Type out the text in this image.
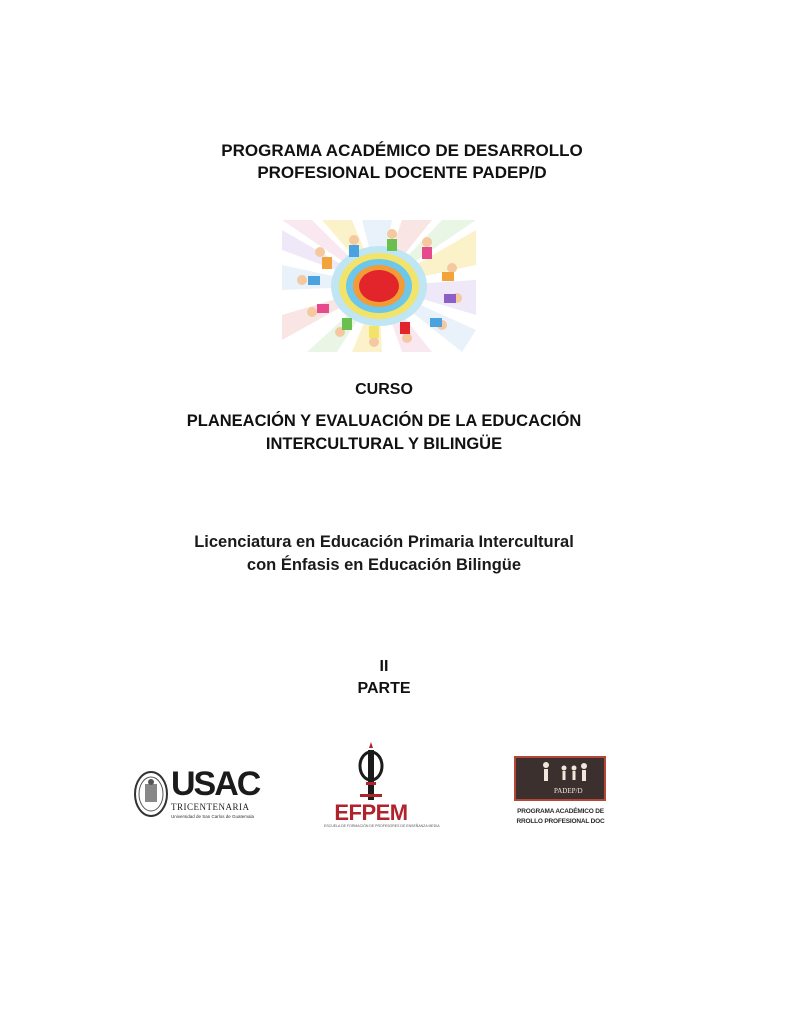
PROGRAMA ACADÉMICO DE DESARROLLO
PROFESIONAL DOCENTE PADEP/D
CURSO
PLANEACIÓN Y EVALUACIÓN DE LA EDUCACIÓN
INTERCULTURAL Y BILINGÜE
Licenciatura en Educación Primaria Intercultural
con Énfasis en Educación Bilingüe
II
PARTE
USAC
TRICENTENARIA
Universidad de San Carlos de Guatemala	EFPEM
ESCUELA DE FORMACIÓN DE PROFESORES DE ENSEÑANZA MEDIA
PADEP/D
PROGRAMA ACADÉMICO DE
RROLLO PROFESIONAL DOC
